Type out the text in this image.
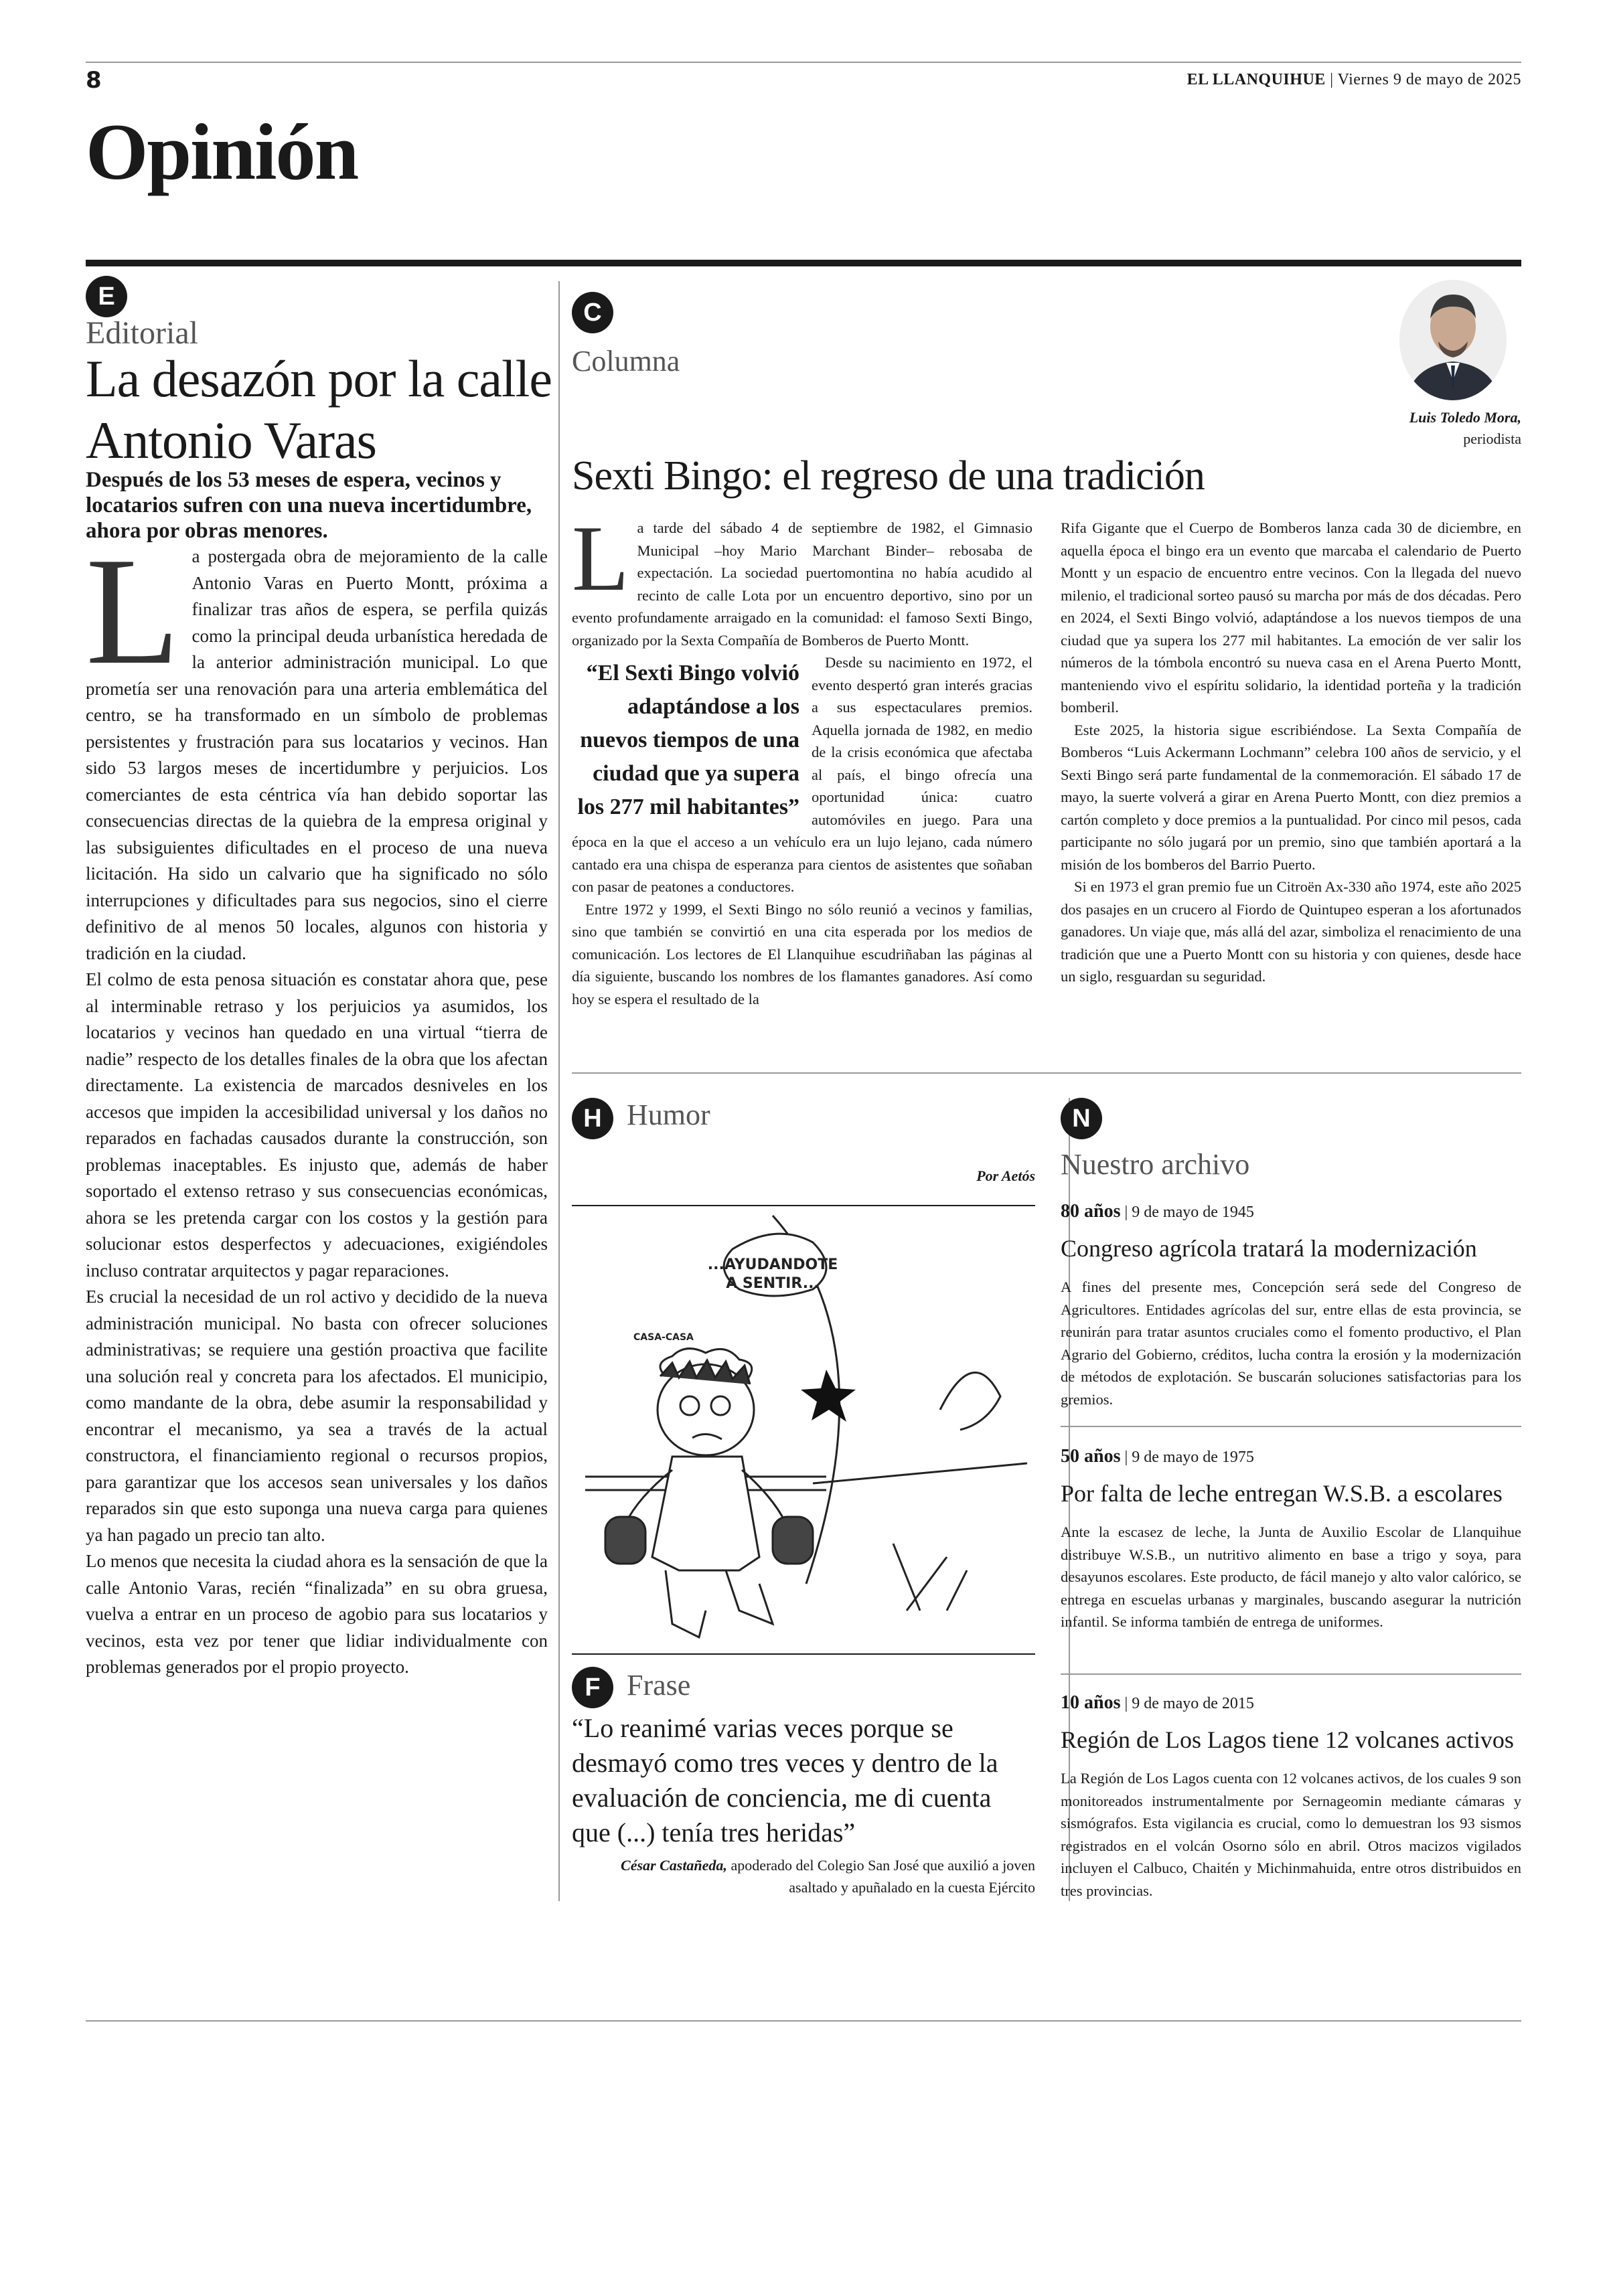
8	EL LLANQUIHUE | Viernes 9 de mayo de 2025
Opinión
E
Editorial
La desazón por la calle Antonio Varas
Después de los 53 meses de espera, vecinos y locatarios sufren con una nueva incertidumbre, ahora por obras menores.
L a postergada obra de mejoramiento de la calle Antonio Varas en Puerto Montt, próxima a finalizar tras años de espera, se perfila quizás como la principal deuda urbanística heredada de la anterior administración municipal. Lo que prometía ser una renovación para una arteria emblemática del centro, se ha transformado en un símbolo de problemas persistentes y frustración para sus locatarios y vecinos. Han sido 53 largos meses de incertidumbre y perjuicios. Los comerciantes de esta céntrica vía han debido soportar las consecuencias directas de la quiebra de la empresa original y las subsiguientes dificultades en el proceso de una nueva licitación. Ha sido un calvario que ha significado no sólo interrupciones y dificultades para sus negocios, sino el cierre definitivo de al menos 50 locales, algunos con historia y tradición en la ciudad.

El colmo de esta penosa situación es constatar ahora que, pese al interminable retraso y los perjuicios ya asumidos, los locatarios y vecinos han quedado en una virtual “tierra de nadie” respecto de los detalles finales de la obra que los afectan directamente. La existencia de marcados desniveles en los accesos que impiden la accesibilidad universal y los daños no reparados en fachadas causados durante la construcción, son problemas inaceptables. Es injusto que, además de haber soportado el extenso retraso y sus consecuencias económicas, ahora se les pretenda cargar con los costos y la gestión para solucionar estos desperfectos y adecuaciones, exigiéndoles incluso contratar arquitectos y pagar reparaciones.

Es crucial la necesidad de un rol activo y decidido de la nueva administración municipal. No basta con ofrecer soluciones administrativas; se requiere una gestión proactiva que facilite una solución real y concreta para los afectados. El municipio, como mandante de la obra, debe asumir la responsabilidad y encontrar el mecanismo, ya sea a través de la actual constructora, el financiamiento regional o recursos propios, para garantizar que los accesos sean universales y los daños reparados sin que esto suponga una nueva carga para quienes ya han pagado un precio tan alto.

Lo menos que necesita la ciudad ahora es la sensación de que la calle Antonio Varas, recién “finalizada” en su obra gruesa, vuelva a entrar en un proceso de agobio para sus locatarios y vecinos, esta vez por tener que lidiar individualmente con problemas generados por el propio proyecto.

C
Columna
Luis Toledo Mora,
periodista
Sexti Bingo: el regreso de una tradición
L a tarde del sábado 4 de septiembre de 1982, el Gimnasio Municipal –hoy Mario Marchant Binder– rebosaba de expectación. La sociedad puertomontina no había acudido al recinto de calle Lota por un encuentro deportivo, sino por un evento profundamente arraigado en la comunidad: el famoso Sexti Bingo, organizado por la Sexta Compañía de Bomberos de Puerto Montt.

“El Sexti Bingo volvió adaptándose a los nuevos tiempos de una ciudad que ya supera los 277 mil habitantes”

Desde su nacimiento en 1972, el evento despertó gran interés gracias a sus espectaculares premios. Aquella jornada de 1982, en medio de la crisis económica que afectaba al país, el bingo ofrecía una oportunidad única: cuatro automóviles en juego. Para una época en la que el acceso a un vehículo era un lujo lejano, cada número cantado era una chispa de esperanza para cientos de asistentes que soñaban con pasar de peatones a conductores.

Entre 1972 y 1999, el Sexti Bingo no sólo reunió a vecinos y familias, sino que también se convirtió en una cita esperada por los medios de comunicación. Los lectores de El Llanquihue escudriñaban las páginas al día siguiente, buscando los nombres de los flamantes ganadores. Así como hoy se espera el resultado de la

Rifa Gigante que el Cuerpo de Bomberos lanza cada 30 de diciembre, en aquella época el bingo era un evento que marcaba el calendario de Puerto Montt y un espacio de encuentro entre vecinos. Con la llegada del nuevo milenio, el tradicional sorteo pausó su marcha por más de dos décadas. Pero en 2024, el Sexti Bingo volvió, adaptándose a los nuevos tiempos de una ciudad que ya supera los 277 mil habitantes. La emoción de ver salir los números de la tómbola encontró su nueva casa en el Arena Puerto Montt, manteniendo vivo el espíritu solidario, la identidad porteña y la tradición bomberil.

Este 2025, la historia sigue escribiéndose. La Sexta Compañía de Bomberos “Luis Ackermann Lochmann” celebra 100 años de servicio, y el Sexti Bingo será parte fundamental de la conmemoración. El sábado 17 de mayo, la suerte volverá a girar en Arena Puerto Montt, con diez premios a cartón completo y doce premios a la puntualidad. Por cinco mil pesos, cada participante no sólo jugará por un premio, sino que también aportará a la misión de los bomberos del Barrio Puerto.

Si en 1973 el gran premio fue un Citroën Ax-330 año 1974, este año 2025 dos pasajes en un crucero al Fiordo de Quintupeo esperan a los afortunados ganadores. Un viaje que, más allá del azar, simboliza el renacimiento de una tradición que une a Puerto Montt con su historia y con quienes, desde hace un siglo, resguardan su seguridad.

H Humor
Por Aetós
...AYUDANDOTE
A SENTIR...
CASA-CASA
F Frase
“Lo reanimé varias veces porque se desmayó como tres veces y dentro de la evaluación de conciencia, me di cuenta que (...) tenía tres heridas”
César Castañeda, apoderado del Colegio San José que auxilió a joven asaltado y apuñalado en la cuesta Ejército
N
Nuestro archivo
80 años | 9 de mayo de 1945
Congreso agrícola tratará la modernización
A fines del presente mes, Concepción será sede del Congreso de Agricultores. Entidades agrícolas del sur, entre ellas de esta provincia, se reunirán para tratar asuntos cruciales como el fomento productivo, el Plan Agrario del Gobierno, créditos, lucha contra la erosión y la modernización de métodos de explotación. Se buscarán soluciones satisfactorias para los gremios.
50 años | 9 de mayo de 1975
Por falta de leche entregan W.S.B. a escolares
Ante la escasez de leche, la Junta de Auxilio Escolar de Llanquihue distribuye W.S.B., un nutritivo alimento en base a trigo y soya, para desayunos escolares. Este producto, de fácil manejo y alto valor calórico, se entrega en escuelas urbanas y marginales, buscando asegurar la nutrición infantil. Se informa también de entrega de uniformes.
10 años | 9 de mayo de 2015
Región de Los Lagos tiene 12 volcanes activos
La Región de Los Lagos cuenta con 12 volcanes activos, de los cuales 9 son monitoreados instrumentalmente por Sernageomin mediante cámaras y sismógrafos. Esta vigilancia es crucial, como lo demuestran los 93 sismos registrados en el volcán Osorno sólo en abril. Otros macizos vigilados incluyen el Calbuco, Chaitén y Michinmahuida, entre otros distribuidos en tres provincias.
